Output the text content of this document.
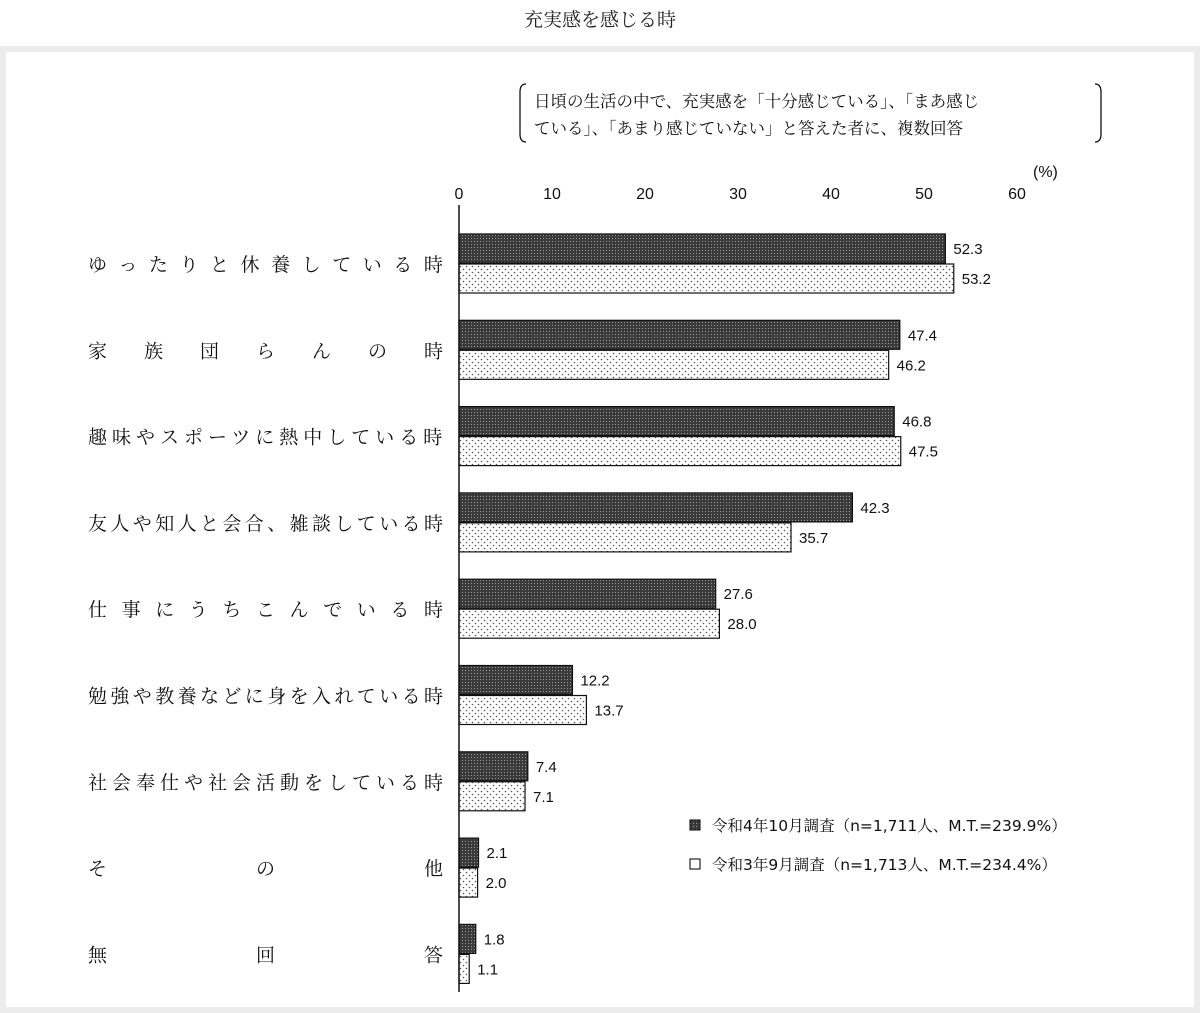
充実感を感じる時
日頃の生活の中で、充実感を「十分感じている」、「まあ感じ
ている」、「あまり感じていない」と答えた者に、複数回答
(%)
0	10	20	30	40	50	60
52.3
53.2
47.4
46.2
46.8
47.5
42.3
35.7
27.6
28.0
12.2
13.7
7.4
7.1
2.1
2.0
1.8
1.1
ゆったりと休養している時
家族団らんの時
趣味やスポーツに熱中している時
友人や知人と会合、雑談している時
仕事にうちこんでいる時
勉強や教養などに身を入れている時
社会奉仕や社会活動をしている時
その他
無回答
令和4年10月調査（n=1,711人、M.T.=239.9%）
令和3年9月調査（n=1,713人、M.T.=234.4%）
